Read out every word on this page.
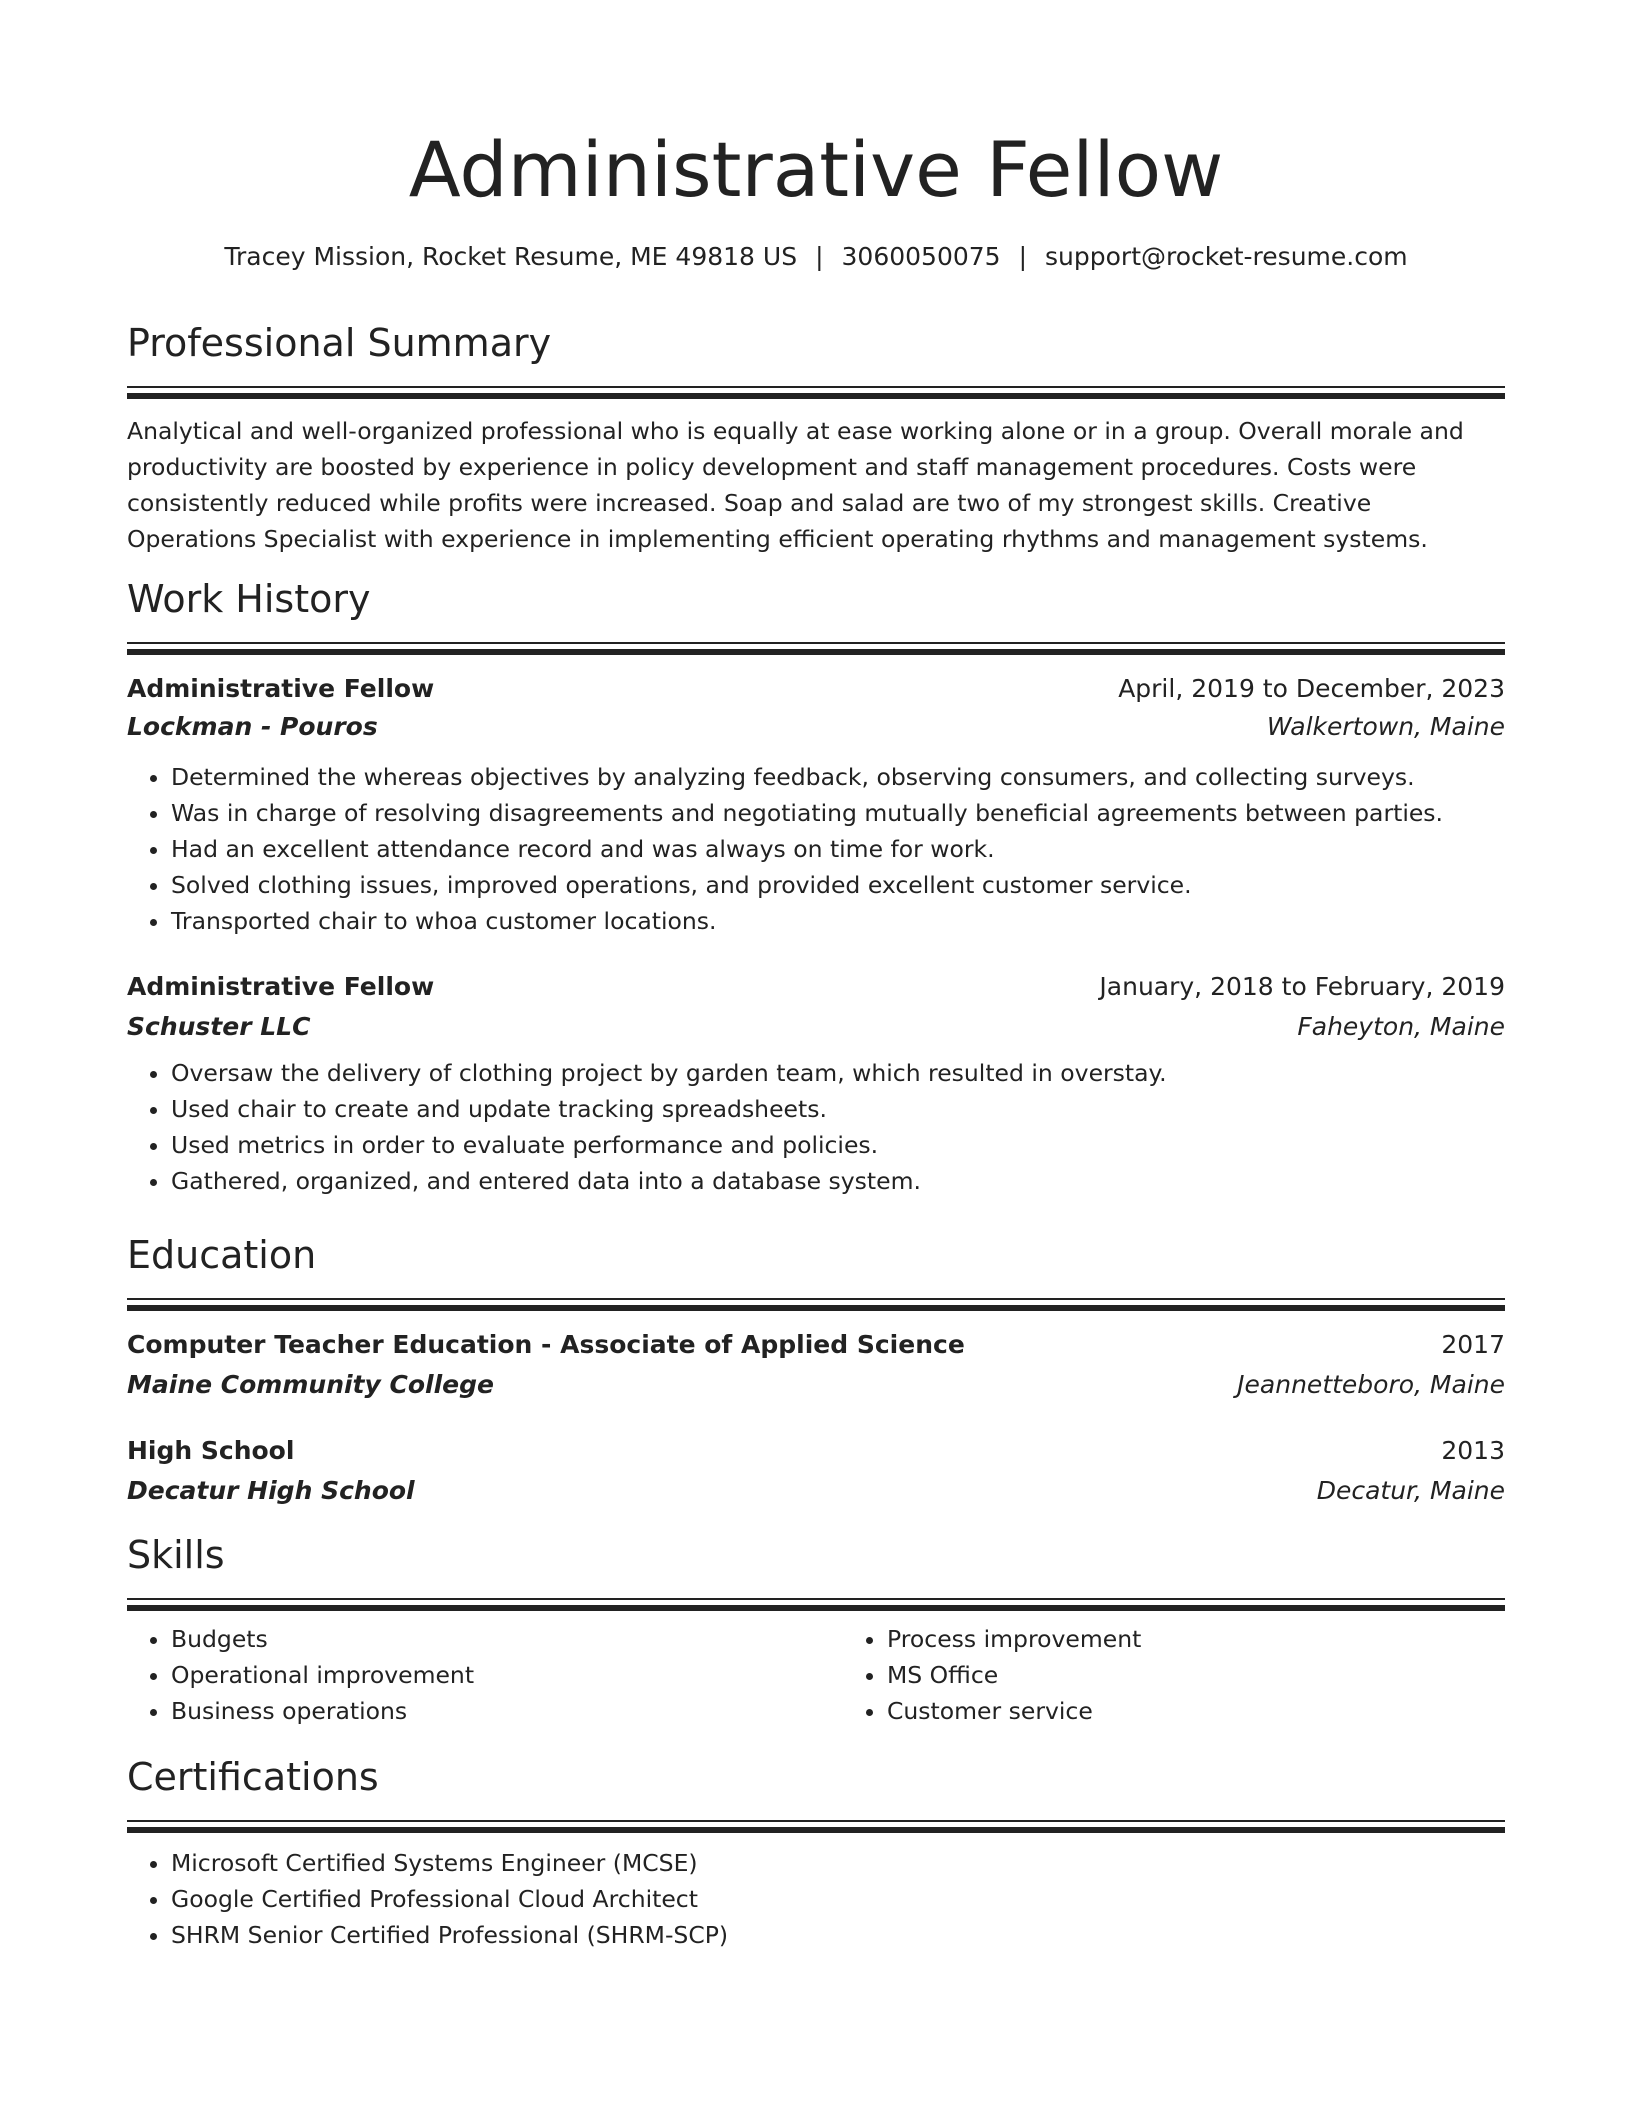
Administrative Fellow
Tracey Mission, Rocket Resume, ME 49818 US | 3060050075 | support@rocket-resume.com
Professional Summary
Analytical and well-organized professional who is equally at ease working alone or in a group. Overall morale and productivity are boosted by experience in policy development and staff management procedures. Costs were consistently reduced while profits were increased. Soap and salad are two of my strongest skills. Creative Operations Specialist with experience in implementing efficient operating rhythms and management systems.
Work History
Administrative Fellow	April, 2019 to December, 2023
Lockman - Pouros	Walkertown, Maine
• Determined the whereas objectives by analyzing feedback, observing consumers, and collecting surveys.
• Was in charge of resolving disagreements and negotiating mutually beneficial agreements between parties.
• Had an excellent attendance record and was always on time for work.
• Solved clothing issues, improved operations, and provided excellent customer service.
• Transported chair to whoa customer locations.
Administrative Fellow	January, 2018 to February, 2019
Schuster LLC	Faheyton, Maine
• Oversaw the delivery of clothing project by garden team, which resulted in overstay.
• Used chair to create and update tracking spreadsheets.
• Used metrics in order to evaluate performance and policies.
• Gathered, organized, and entered data into a database system.
Education
Computer Teacher Education - Associate of Applied Science	2017
Maine Community College	Jeannetteboro, Maine
High School	2013
Decatur High School	Decatur, Maine
Skills
• Budgets
• Operational improvement
• Business operations
• Process improvement
• MS Office
• Customer service
Certifications
• Microsoft Certified Systems Engineer (MCSE)
• Google Certified Professional Cloud Architect
• SHRM Senior Certified Professional (SHRM-SCP)
